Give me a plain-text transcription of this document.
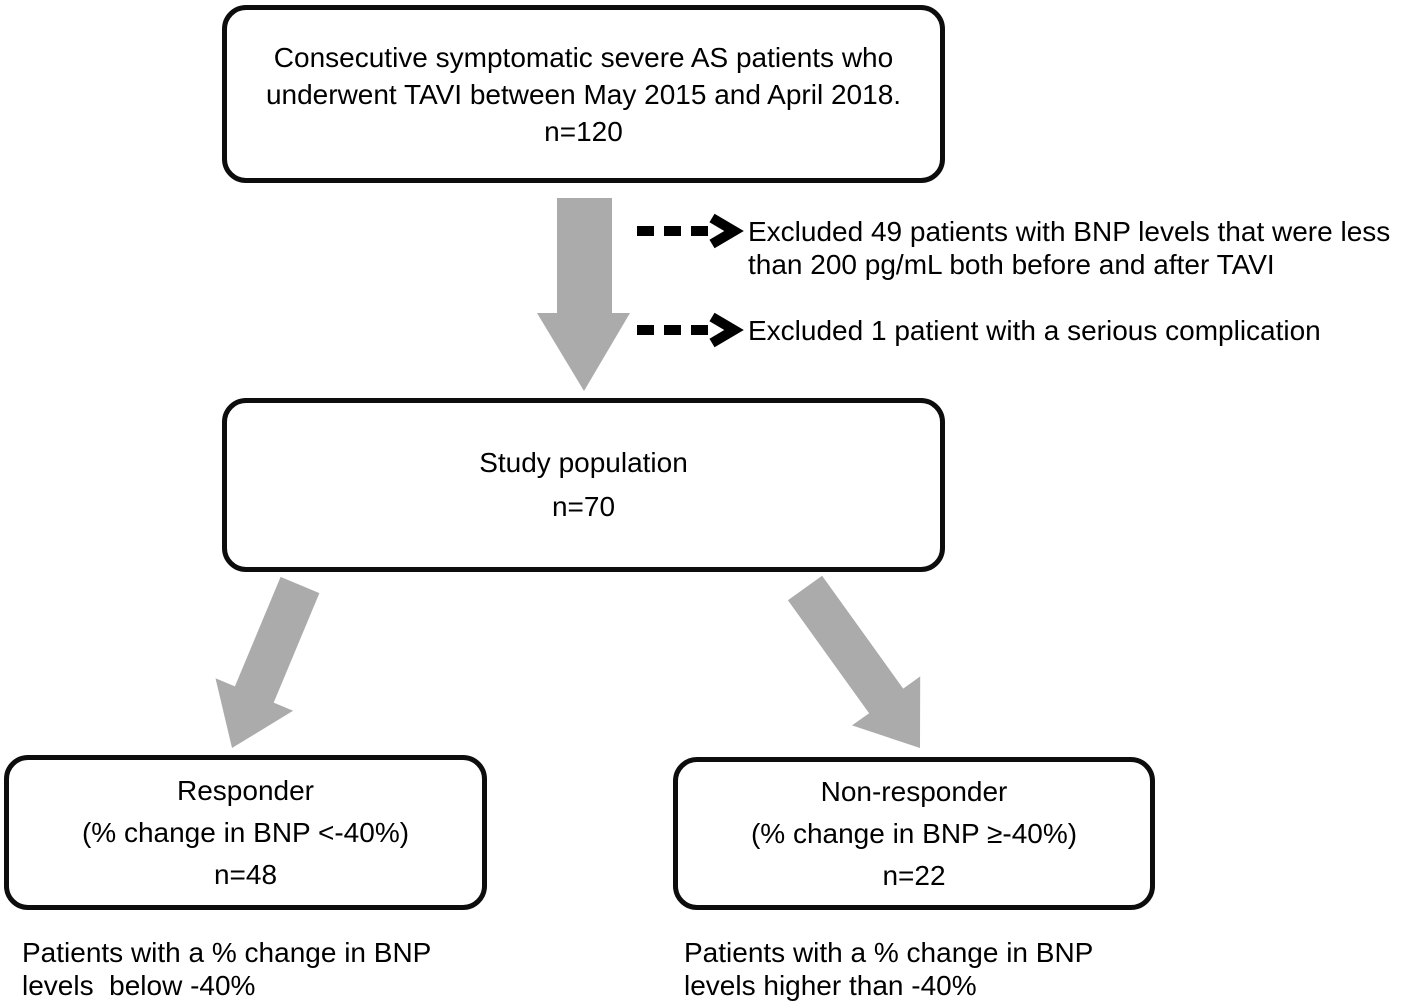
Consecutive symptomatic severe AS patients who
underwent TAVI between May 2015 and April 2018.
n=120
Excluded 49 patients with BNP levels that were less
than 200 pg/mL both before and after TAVI
Excluded 1 patient with a serious complication
Study population
n=70
Responder
(% change in BNP <-40%)
n=48
Non-responder
(% change in BNP ≥-40%)
n=22
Patients with a % change in BNP
levels  below -40%
Patients with a % change in BNP
levels higher than -40%
